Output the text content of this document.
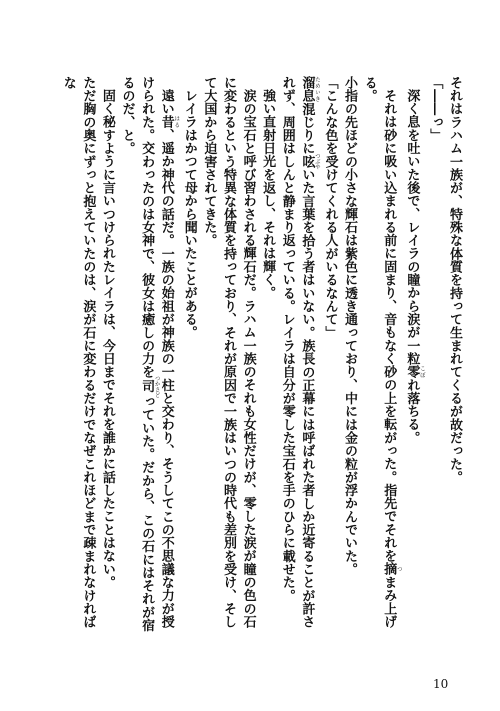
それはラハム一族が、特殊な体質を持って生まれてくるが故だった。

「――っ」

深く息を吐いた後で、レイラの瞳から涙が一粒零 こぼれ落ちる。

それは砂に吸い込まれる前に固まり、音もなく砂の上を転がった。指先でそれを摘 つまみ上げる。

小指の先ほどの小さな輝石は紫色に透き通っており、中には金の粒が浮かんでいた。

「こんな色を受けてくれる人がいるなんて」

溜息 ためいき混じりに呟 つぶやいた言葉を拾う者はいない。族長の正幕には呼ばれた者しか近寄ることが許されず、周囲はしんと静まり返っている。レイラは自分が零した宝石を手のひらに載せた。

強い直射日光を返し、それは輝く。

涙の宝石と呼び習わされる輝石だ。ラハム一族のそれも女性だけが、零した涙が瞳の色の石に変わるという特異な体質を持っており、それが原因で一族はいつの時代も差別を受け、そして大国から迫害されてきた。

レイラはかつて母から聞いたことがある。

遠い昔 はる、遥か神代の話だ。一族の始祖が神族の一柱と交わり、そうしてこの不思議な力が授けられた。交わったのは女神で、彼女は癒しの力を司 つかさどっていた。だから、この石にはそれが宿るのだ、と。

固く秘すように言いつけられたレイラは、今日までそれを誰かに話したことはない。

ただ胸の奥にずっと抱えていたのは、涙が石に変わるだけでなぜこれほどまで疎まれなければな

10
